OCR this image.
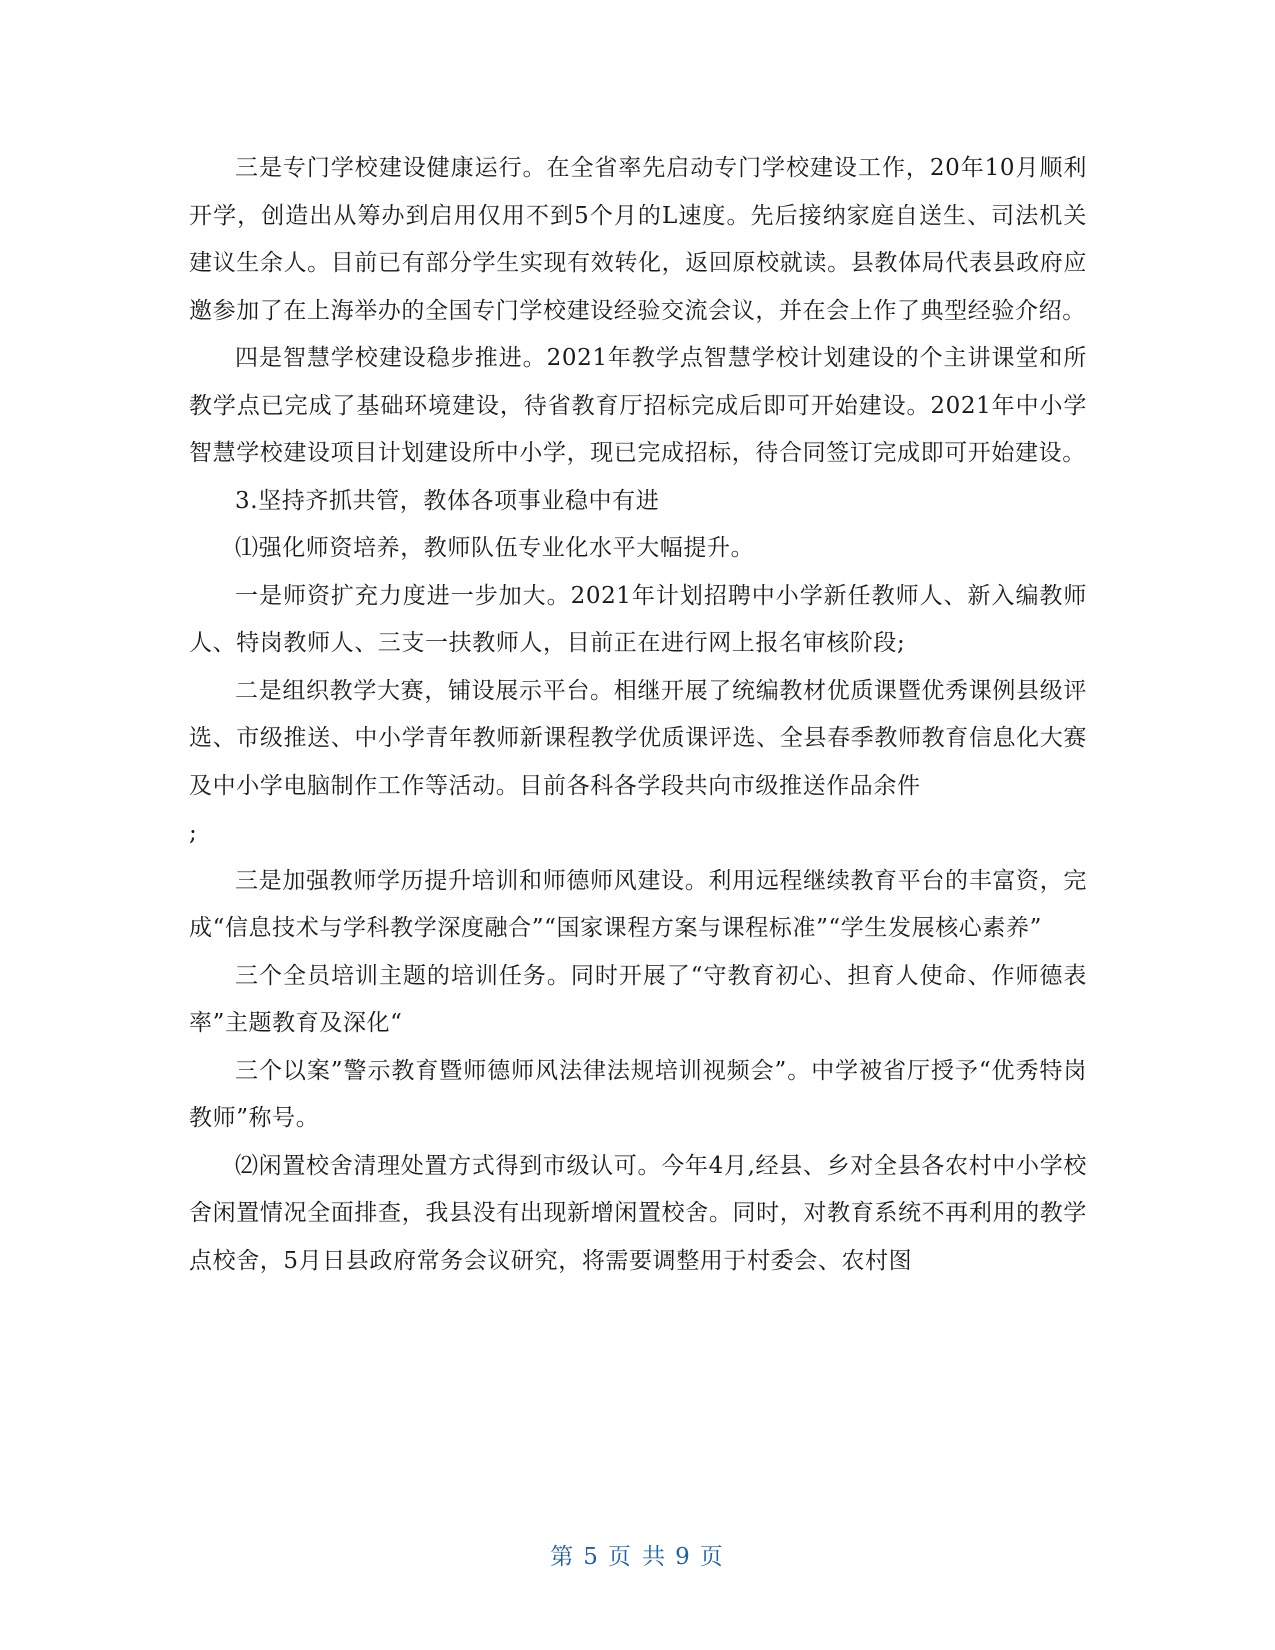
三是专门学校建设健康运行。在全省率先启动专门学校建设工作，20年10月顺利开学，创造出从筹办到启用仅用不到5个月的L速度。先后接纳家庭自送生、司法机关建议生余人。目前已有部分学生实现有效转化，返回原校就读。县教体局代表县政府应邀参加了在上海举办的全国专门学校建设经验交流会议，并在会上作了典型经验介绍。

四是智慧学校建设稳步推进。2021年教学点智慧学校计划建设的个主讲课堂和所教学点已完成了基础环境建设，待省教育厅招标完成后即可开始建设。2021年中小学智慧学校建设项目计划建设所中小学，现已完成招标，待合同签订完成即可开始建设。

3.坚持齐抓共管，教体各项事业稳中有进

⑴强化师资培养，教师队伍专业化水平大幅提升。

一是师资扩充力度进一步加大。2021年计划招聘中小学新任教师人、新入编教师人、特岗教师人、三支一扶教师人，目前正在进行网上报名审核阶段;

二是组织教学大赛，铺设展示平台。相继开展了统编教材优质课暨优秀课例县级评选、市级推送、中小学青年教师新课程教学优质课评选、全县春季教师教育信息化大赛及中小学电脑制作工作等活动。目前各科各学段共向市级推送作品余件

;

三是加强教师学历提升培训和师德师风建设。利用远程继续教育平台的丰富资，完成“信息技术与学科教学深度融合”“国家课程方案与课程标准”“学生发展核心素养”

三个全员培训主题的培训任务。同时开展了“守教育初心、担育人使命、作师德表率”主题教育及深化“

三个以案”警示教育暨师德师风法律法规培训视频会”。中学被省厅授予“优秀特岗教师”称号。

⑵闲置校舍清理处置方式得到市级认可。今年4月,经县、乡对全县各农村中小学校舍闲置情况全面排查，我县没有出现新增闲置校舍。同时，对教育系统不再利用的教学点校舍，5月日县政府常务会议研究，将需要调整用于村委会、农村图

第 5 页 共 9 页
